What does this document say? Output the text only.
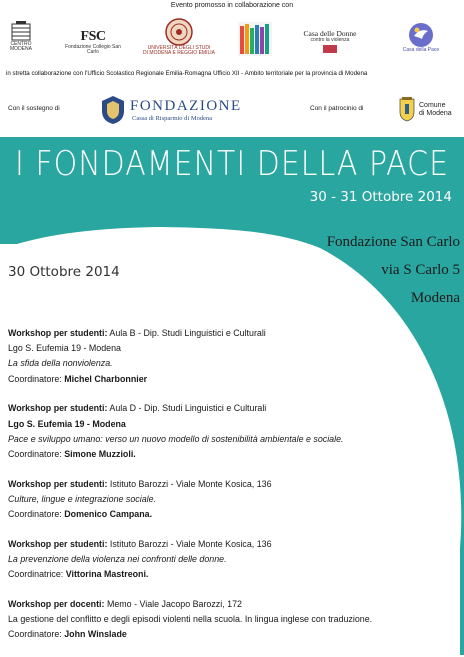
Evento promosso in collaborazione con
CENTRO
MODENA
FSC
Fondazione Collegio San Carlo
UNIVERSITÀ DEGLI STUDI
DI MODENA E REGGIO EMILIA
Casa delle Donne
contro la violenza
Casa della Pace
in stretta collaborazione con l'Ufficio Scolastico Regionale Emilia-Romagna Ufficio XII - Ambito territoriale per la provincia di Modena
Con il sostegno di	FONDAZIONE
Cassa di Risparmio di Modena
Con il patrocinio di	Comune
di Modena
I FONDAMENTI DELLA PACE
30 - 31 Ottobre 2014
Sala del Teatro	Fondazione San Carlo
via S Carlo 5
Modena
30 Ottobre 2014

Workshop per studenti: Aula B - Dip. Studi Linguistici e Culturali

Lgo S. Eufemia 19 - Modena

La sfida della nonviolenza.

Coordinatore: Michel Charbonnier

Workshop per studenti: Aula D - Dip. Studi Linguistici e Culturali

Lgo S. Eufemia 19 - Modena

Pace e sviluppo umano: verso un nuovo modello di sostenibilità ambientale e sociale.

Coordinatore: Simone Muzzioli.

Workshop per studenti: Istituto Barozzi - Viale Monte Kosica, 136

Culture, lingue e integrazione sociale.

Coordinatore: Domenico Campana.

Workshop per studenti: Istituto Barozzi - Viale Monte Kosica, 136

La prevenzione della violenza nei confronti delle donne.

Coordinatrice: Vittorina Mastreoni.

Workshop per docenti: Memo - Viale Jacopo Barozzi, 172

La gestione del conflitto e degli episodi violenti nella scuola. In lingua inglese con traduzione.

Coordinatore: John Winslade
